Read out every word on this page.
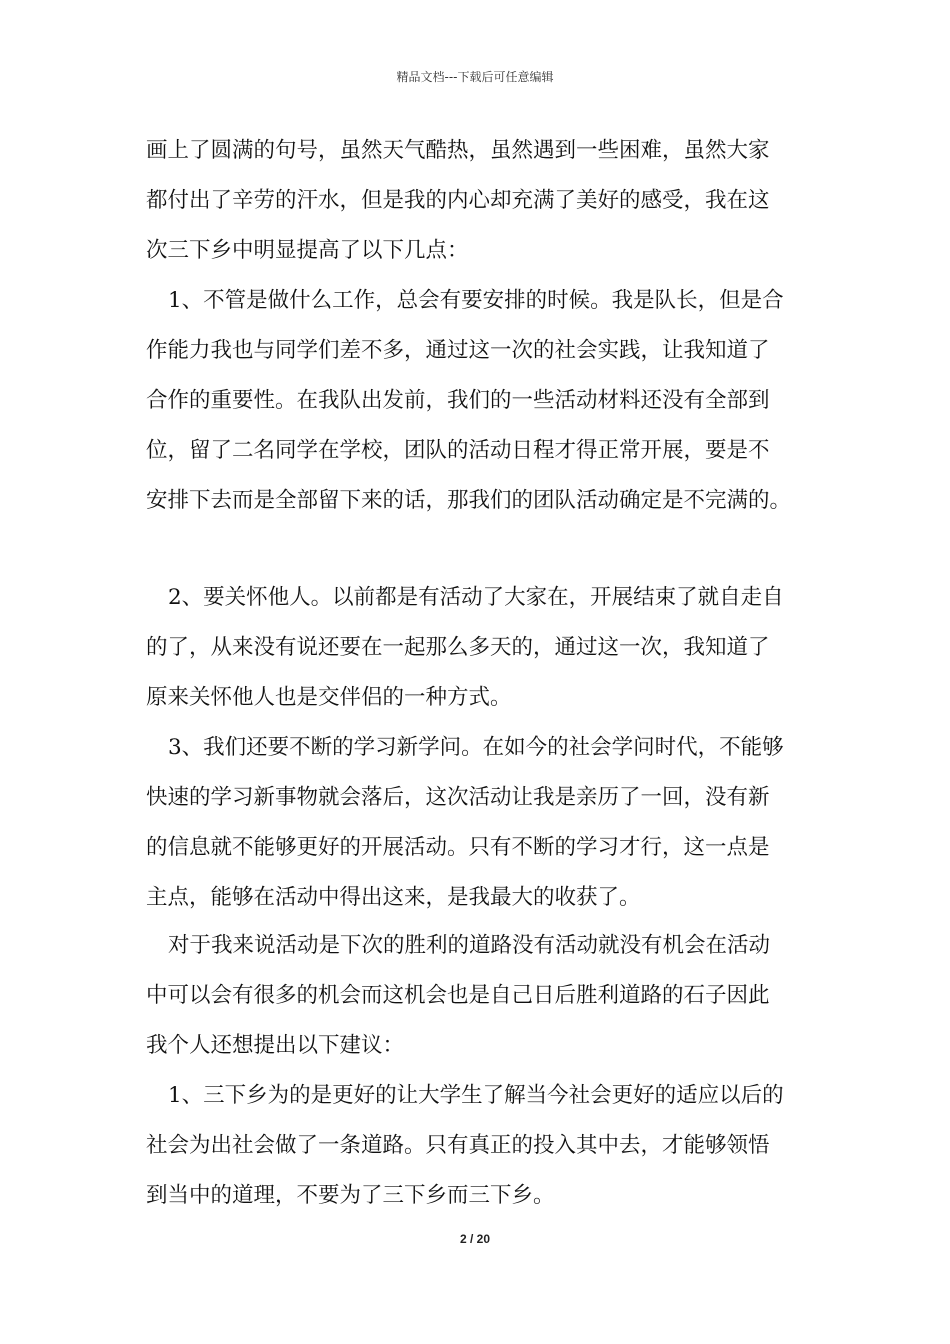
精品文档---下载后可任意编辑
画上了圆满的句号，虽然天气酷热，虽然遇到一些困难，虽然大家
都付出了辛劳的汗水，但是我的内心却充满了美好的感受，我在这
次三下乡中明显提高了以下几点：
1、不管是做什么工作，总会有要安排的时候。我是队长，但是合
作能力我也与同学们差不多，通过这一次的社会实践，让我知道了
合作的重要性。在我队出发前，我们的一些活动材料还没有全部到
位，留了二名同学在学校，团队的活动日程才得正常开展，要是不
安排下去而是全部留下来的话，那我们的团队活动确定是不完满的。
2、要关怀他人。以前都是有活动了大家在，开展结束了就自走自
的了，从来没有说还要在一起那么多天的，通过这一次，我知道了
原来关怀他人也是交伴侣的一种方式。
3、我们还要不断的学习新学问。在如今的社会学问时代，不能够
快速的学习新事物就会落后，这次活动让我是亲历了一回，没有新
的信息就不能够更好的开展活动。只有不断的学习才行，这一点是
主点，能够在活动中得出这来，是我最大的收获了。
对于我来说活动是下次的胜利的道路没有活动就没有机会在活动
中可以会有很多的机会而这机会也是自己日后胜利道路的石子因此
我个人还想提出以下建议：
1、三下乡为的是更好的让大学生了解当今社会更好的适应以后的
社会为出社会做了一条道路。只有真正的投入其中去，才能够领悟
到当中的道理，不要为了三下乡而三下乡。
2 / 20
